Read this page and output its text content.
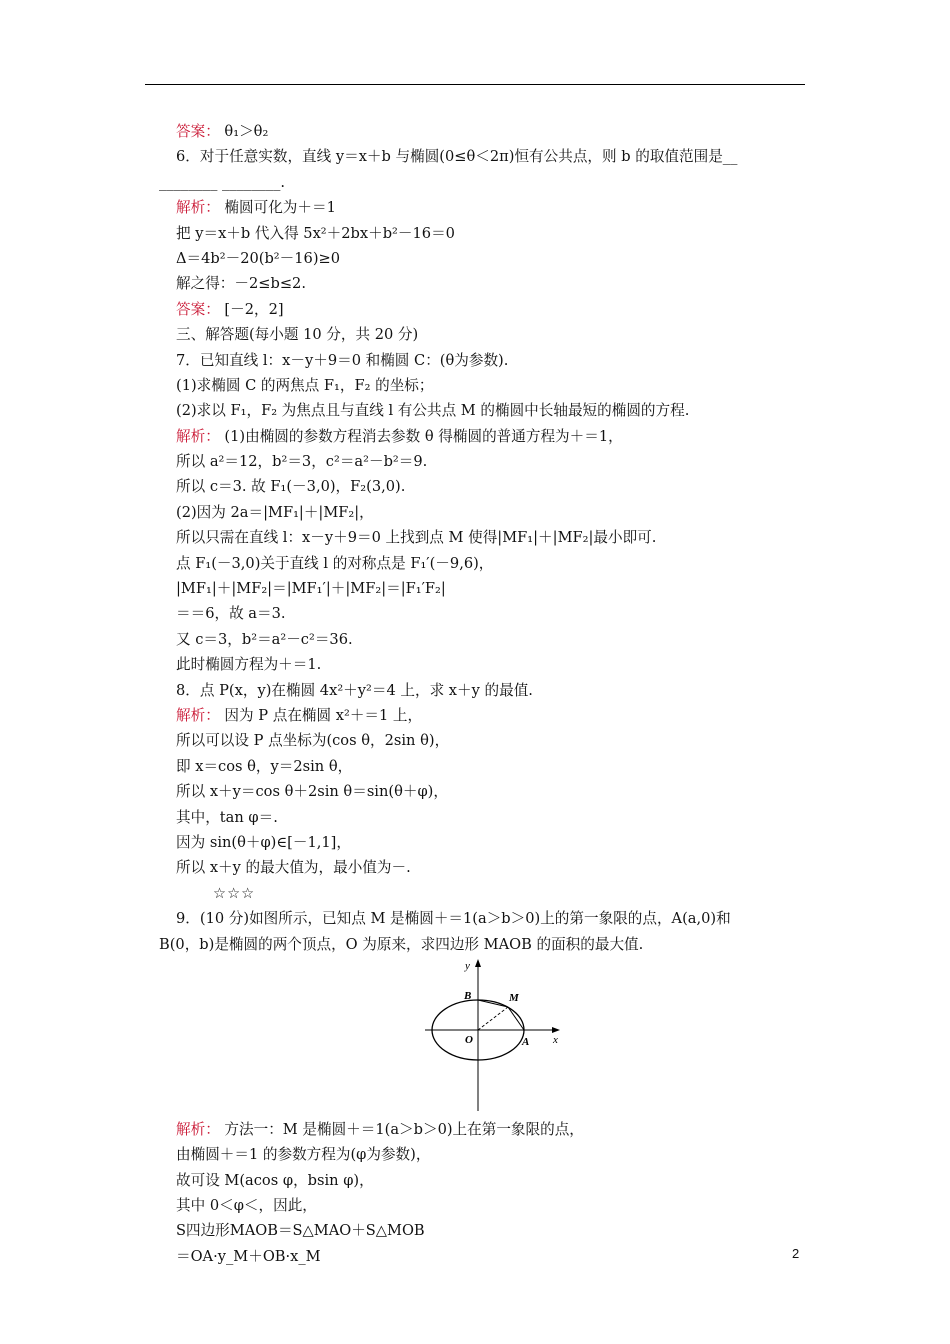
答案： θ₁＞θ₂
6．对于任意实数，直线 y＝x＋b 与椭圆(0≤θ＜2π)恒有公共点，则 b 的取值范围是__
________ ________.
解析： 椭圆可化为＋＝1
把 y＝x＋b 代入得 5x²＋2bx＋b²－16＝0
Δ＝4b²－20(b²－16)≥0
解之得：－2≤b≤2.
答案： [－2，2]
三、解答题(每小题 10 分，共 20 分)
7．已知直线 l：x－y＋9＝0 和椭圆 C：(θ为参数).
(1)求椭圆 C 的两焦点 F₁，F₂ 的坐标；
(2)求以 F₁，F₂ 为焦点且与直线 l 有公共点 M 的椭圆中长轴最短的椭圆的方程.
解析： (1)由椭圆的参数方程消去参数 θ 得椭圆的普通方程为＋＝1，
所以 a²＝12，b²＝3，c²＝a²－b²＝9.
所以 c＝3. 故 F₁(－3,0)，F₂(3,0).
(2)因为 2a＝|MF₁|＋|MF₂|，
所以只需在直线 l：x－y＋9＝0 上找到点 M 使得|MF₁|＋|MF₂|最小即可.
点 F₁(－3,0)关于直线 l 的对称点是 F₁′(－9,6)，
|MF₁|＋|MF₂|＝|MF₁′|＋|MF₂|＝|F₁′F₂|
＝＝6，故 a＝3.
又 c＝3，b²＝a²－c²＝36.
此时椭圆方程为＋＝1.
8．点 P(x，y)在椭圆 4x²＋y²＝4 上，求 x＋y 的最值.
解析： 因为 P 点在椭圆 x²＋＝1 上，
所以可以设 P 点坐标为(cos θ，2sin θ)，
即 x＝cos θ，y＝2sin θ，
所以 x＋y＝cos θ＋2sin θ＝sin(θ＋φ)，
其中，tan φ＝.
因为 sin(θ＋φ)∈[－1,1]，
所以 x＋y 的最大值为，最小值为－.
☆☆☆
9．(10 分)如图所示，已知点 M 是椭圆＋＝1(a＞b＞0)上的第一象限的点，A(a,0)和
B(0，b)是椭圆的两个顶点，O 为原来，求四边形 MAOB 的面积的最大值.
y
x
B	M
O	A
解析： 方法一：M 是椭圆＋＝1(a＞b＞0)上在第一象限的点，
由椭圆＋＝1 的参数方程为(φ为参数)，
故可设 M(acos φ，bsin φ)，
其中 0＜φ＜，因此，
S四边形MAOB＝S△MAO＋S△MOB
＝OA·y_M＋OB·x_M	2
